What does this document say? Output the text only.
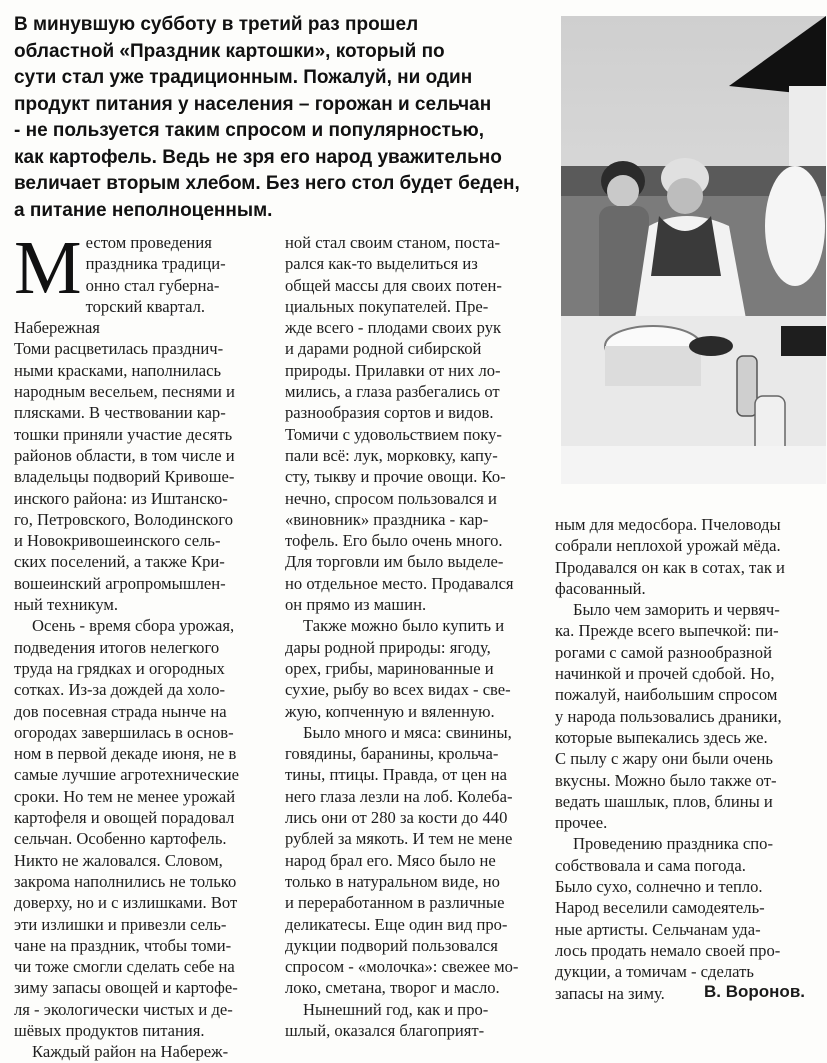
В минувшую субботу в третий раз прошел
областной «Праздник картошки», который по
сути стал уже традиционным. Пожалуй, ни один
продукт питания у населения – горожан и сельчан
- не пользуется таким спросом и популярностью,
как картофель. Ведь не зря его народ уважительно
величает вторым хлебом. Без него стол будет беден,
а питание неполноценным.

Местом проведения
праздника традици-
онно стал губерна-
торский квартал. Набережная
Томи расцветилась празднич-
ными красками, наполнилась
народным весельем, песнями и
плясками. В чествовании кар-
тошки приняли участие десять
районов области, в том числе и
владельцы подворий Кривоше-
инского района: из Иштанско-
го, Петровского, Володинского
и Новокривошеинского сель-
ских поселений, а также Кри-
вошеинский агропромышлен-
ный техникум.

Осень - время сбора урожая,
подведения итогов нелегкого
труда на грядках и огородных
сотках. Из-за дождей да холо-
дов посевная страда нынче на
огородах завершилась в основ-
ном в первой декаде июня, не в
самые лучшие агротехнические
сроки. Но тем не менее урожай
картофеля и овощей порадовал
сельчан. Особенно картофель.
Никто не жаловался. Словом,
закрома наполнились не только
доверху, но и с излишками. Вот
эти излишки и привезли сель-
чане на праздник, чтобы томи-
чи тоже смогли сделать себе на
зиму запасы овощей и картофе-
ля - экологически чистых и де-
шёвых продуктов питания.

Каждый район на Набереж-

ной стал своим станом, поста-
рался как-то выделиться из
общей массы для своих потен-
циальных покупателей. Пре-
жде всего - плодами своих рук
и дарами родной сибирской
природы. Прилавки от них ло-
мились, а глаза разбегались от
разнообразия сортов и видов.
Томичи с удовольствием поку-
пали всё: лук, морковку, капу-
сту, тыкву и прочие овощи. Ко-
нечно, спросом пользовался и
«виновник» праздника - кар-
тофель. Его было очень много.
Для торговли им было выделе-
но отдельное место. Продавался
он прямо из машин.

Также можно было купить и
дары родной природы: ягоду,
орех, грибы, маринованные и
сухие, рыбу во всех видах - све-
жую, копченную и вяленную.

Было много и мяса: свинины,
говядины, баранины, крольча-
тины, птицы. Правда, от цен на
него глаза лезли на лоб. Колеба-
лись они от 280 за кости до 440
рублей за мякоть. И тем не мене
народ брал его. Мясо было не
только в натуральном виде, но
и переработанном в различные
деликатесы. Еще один вид про-
дукции подворий пользовался
спросом - «молочка»: свежее мо-
локо, сметана, творог и масло.

Нынешний год, как и про-
шлый, оказался благоприят-

ным для медосбора. Пчеловоды
собрали неплохой урожай мёда.
Продавался он как в сотах, так и
фасованный.

Было чем заморить и червяч-
ка. Прежде всего выпечкой: пи-
рогами с самой разнообразной
начинкой и прочей сдобой. Но,
пожалуй, наибольшим спросом
у народа пользовались драники,
которые выпекались здесь же.
С пылу с жару они были очень
вкусны. Можно было также от-
ведать шашлык, плов, блины и
прочее.

Проведению праздника спо-
собствовала и сама погода.
Было сухо, солнечно и тепло.
Народ веселили самодеятель-
ные артисты. Сельчанам уда-
лось продать немало своей про-
дукции, а томичам - сделать
запасы на зиму.	В. Воронов.
